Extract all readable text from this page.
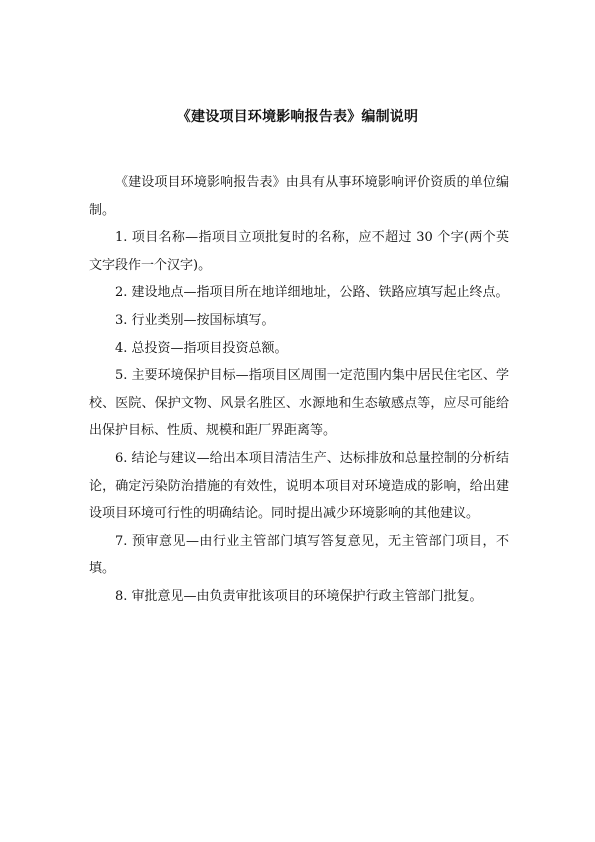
《建设项目环境影响报告表》编制说明

《建设项目环境影响报告表》由具有从事环境影响评价资质的单位编制。

1. 项目名称—指项目立项批复时的名称，应不超过 30 个字(两个英文字段作一个汉字)。

2. 建设地点—指项目所在地详细地址，公路、铁路应填写起止终点。

3. 行业类别—按国标填写。

4. 总投资—指项目投资总额。

5. 主要环境保护目标—指项目区周围一定范围内集中居民住宅区、学校、医院、保护文物、风景名胜区、水源地和生态敏感点等，应尽可能给出保护目标、性质、规模和距厂界距离等。

6. 结论与建议—给出本项目清洁生产、达标排放和总量控制的分析结论，确定污染防治措施的有效性，说明本项目对环境造成的影响，给出建设项目环境可行性的明确结论。同时提出减少环境影响的其他建议。

7. 预审意见—由行业主管部门填写答复意见，无主管部门项目，不填。

8. 审批意见—由负责审批该项目的环境保护行政主管部门批复。
